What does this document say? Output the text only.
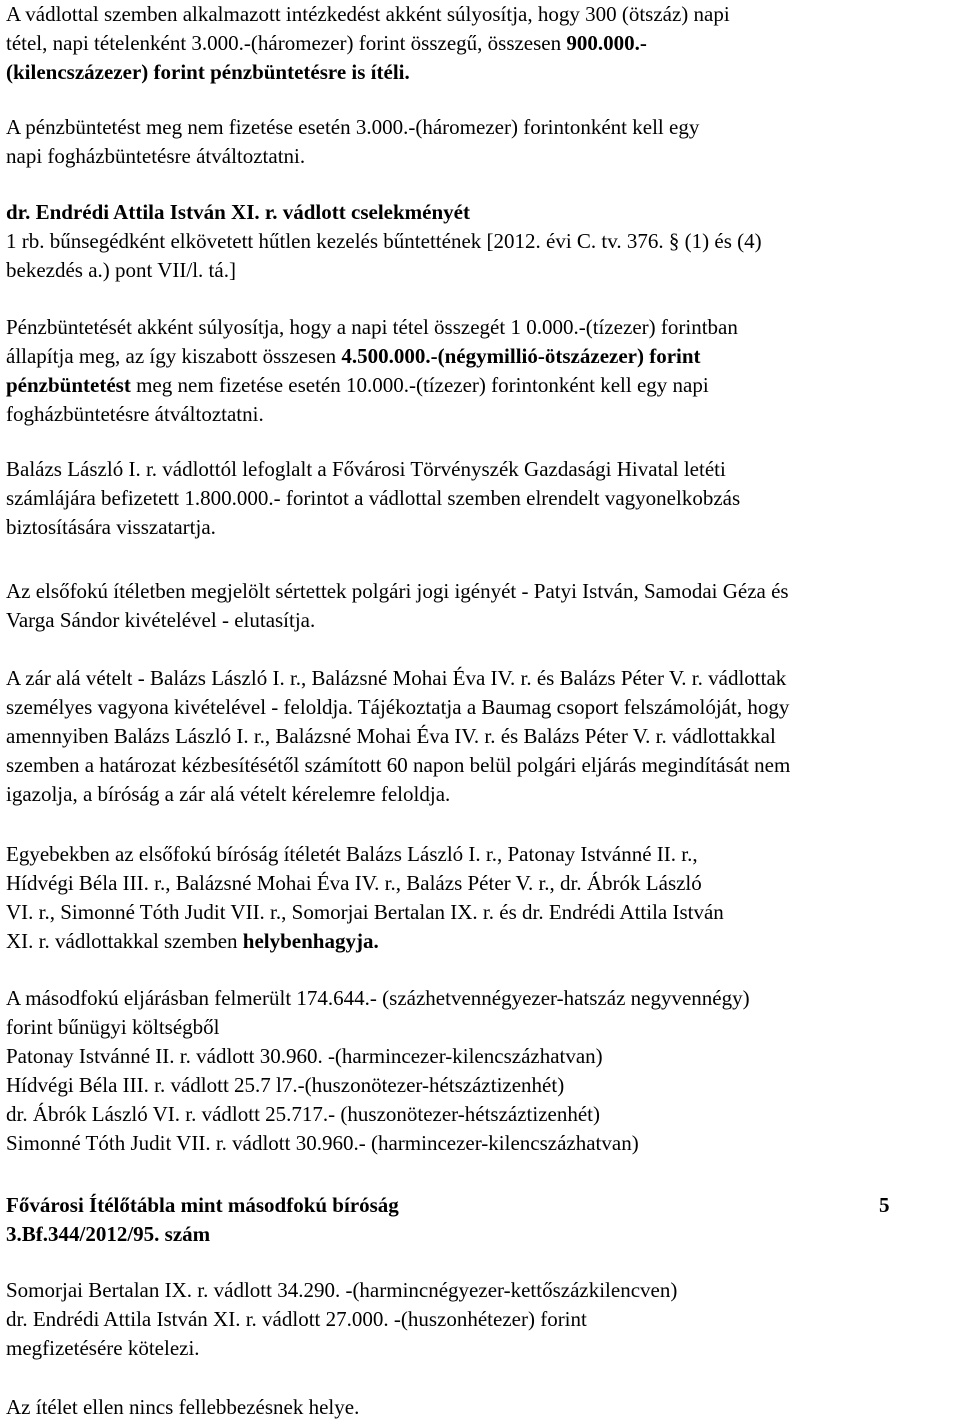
A vádlottal szemben alkalmazott intézkedést akként súlyosítja, hogy 300 (ötszáz) napi
tétel, napi tételenként 3.000.-(háromezer) forint összegű, összesen 900.000.-
(kilencszázezer) forint pénzbüntetésre is ítéli.
A pénzbüntetést meg nem fizetése esetén 3.000.-(háromezer) forintonként kell egy
napi fogházbüntetésre átváltoztatni.
dr. Endrédi Attila István XI. r. vádlott cselekményét
1 rb. bűnsegédként elkövetett hűtlen kezelés bűntettének [2012. évi C. tv. 376. § (1) és (4)
bekezdés a.) pont VII/l. tá.]
Pénzbüntetését akként súlyosítja, hogy a napi tétel összegét 1 0.000.-(tízezer) forintban
állapítja meg, az így kiszabott összesen 4.500.000.-(négymillió-ötszázezer) forint
pénzbüntetést meg nem fizetése esetén 10.000.-(tízezer) forintonként kell egy napi
fogházbüntetésre átváltoztatni.
Balázs László I. r. vádlottól lefoglalt a Fővárosi Törvényszék Gazdasági Hivatal letéti
számlájára befizetett 1.800.000.- forintot a vádlottal szemben elrendelt vagyonelkobzás
biztosítására visszatartja.
Az elsőfokú ítéletben megjelölt sértettek polgári jogi igényét - Patyi István, Samodai Géza és
Varga Sándor kivételével - elutasítja.
A zár alá vételt - Balázs László I. r., Balázsné Mohai Éva IV. r. és Balázs Péter V. r. vádlottak
személyes vagyona kivételével - feloldja. Tájékoztatja a Baumag csoport felszámolóját, hogy
amennyiben Balázs László I. r., Balázsné Mohai Éva IV. r. és Balázs Péter V. r. vádlottakkal
szemben a határozat kézbesítésétől számított 60 napon belül polgári eljárás megindítását nem
igazolja, a bíróság a zár alá vételt kérelemre feloldja.
Egyebekben az elsőfokú bíróság ítéletét Balázs László I. r., Patonay Istvánné II. r.,
Hídvégi Béla III. r., Balázsné Mohai Éva IV. r., Balázs Péter V. r., dr. Ábrók László
VI. r., Simonné Tóth Judit VII. r., Somorjai Bertalan IX. r. és dr. Endrédi Attila István
XI. r. vádlottakkal szemben helybenhagyja.
A másodfokú eljárásban felmerült 174.644.- (százhetvennégyezer-hatszáz negyvennégy)
forint bűnügyi költségből
Patonay Istvánné II. r. vádlott 30.960. -(harmincezer-kilencszázhatvan)
Hídvégi Béla III. r. vádlott 25.7 l7.-(huszonötezer-hétszáztizenhét)
dr. Ábrók László VI. r. vádlott 25.717.- (huszonötezer-hétszáztizenhét)
Simonné Tóth Judit VII. r. vádlott 30.960.- (harmincezer-kilencszázhatvan)
Fővárosi Ítélőtábla mint másodfokú bíróság	5
3.Bf.344/2012/95. szám
Somorjai Bertalan IX. r. vádlott 34.290. -(harmincnégyezer-kettőszázkilencven)
dr. Endrédi Attila István XI. r. vádlott 27.000. -(huszonhétezer) forint
megfizetésére kötelezi.
Az ítélet ellen nincs fellebbezésnek helye.
